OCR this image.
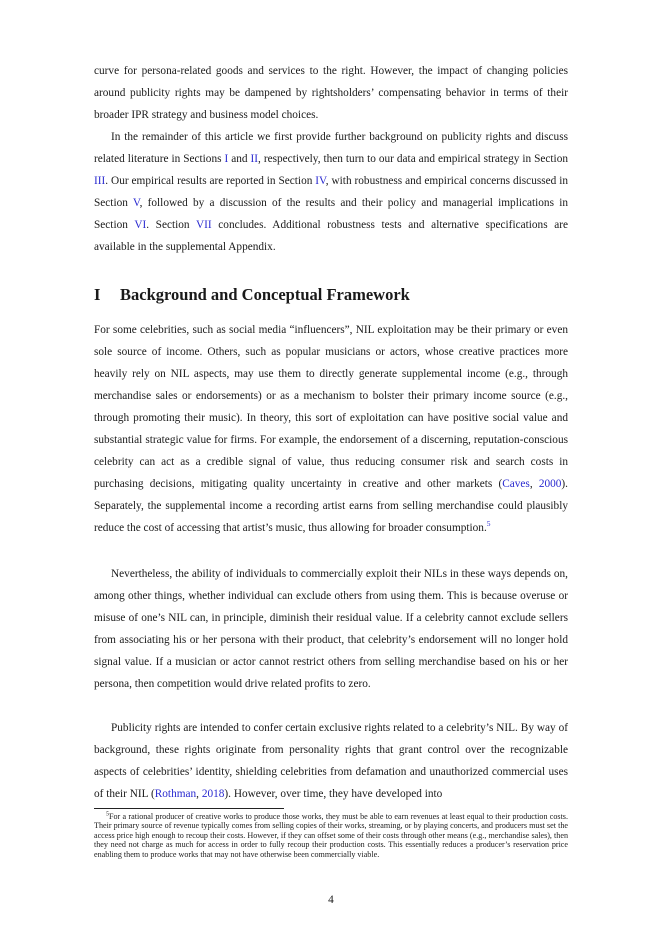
curve for persona-related goods and services to the right. However, the impact of changing policies around publicity rights may be dampened by rightsholders’ compensating behavior in terms of their broader IPR strategy and business model choices.

In the remainder of this article we first provide further background on publicity rights and discuss related literature in Sections I and II, respectively, then turn to our data and empirical strategy in Section III. Our empirical results are reported in Section IV, with robustness and empirical concerns discussed in Section V, followed by a discussion of the results and their policy and managerial implications in Section VI. Section VII concludes. Additional robustness tests and alternative specifications are available in the supplemental Appendix.

I Background and Conceptual Framework

For some celebrities, such as social media “influencers”, NIL exploitation may be their primary or even sole source of income. Others, such as popular musicians or actors, whose creative practices more heavily rely on NIL aspects, may use them to directly generate supplemental income (e.g., through merchandise sales or endorsements) or as a mechanism to bolster their primary income source (e.g., through promoting their music). In theory, this sort of exploitation can have positive social value and substantial strategic value for firms. For example, the endorsement of a discerning, reputation-conscious celebrity can act as a credible signal of value, thus reducing consumer risk and search costs in purchasing decisions, mitigating quality uncertainty in creative and other markets (Caves, 2000). Separately, the supplemental income a recording artist earns from selling merchandise could plausibly reduce the cost of accessing that artist’s music, thus allowing for broader consumption.$^5$

Nevertheless, the ability of individuals to commercially exploit their NILs in these ways depends on, among other things, whether individual can exclude others from using them. This is because overuse or misuse of one’s NIL can, in principle, diminish their residual value. If a celebrity cannot exclude sellers from associating his or her persona with their product, that celebrity’s endorsement will no longer hold signal value. If a musician or actor cannot restrict others from selling merchandise based on his or her persona, then competition would drive related profits to zero.

Publicity rights are intended to confer certain exclusive rights related to a celebrity’s NIL. By way of background, these rights originate from personality rights that grant control over the recognizable aspects of celebrities’ identity, shielding celebrities from defamation and unauthorized commercial uses of their NIL (Rothman, 2018). However, over time, they have developed into

$^5$For a rational producer of creative works to produce those works, they must be able to earn revenues at least equal to their production costs. Their primary source of revenue typically comes from selling copies of their works, streaming, or by playing concerts, and producers must set the access price high enough to recoup their costs. However, if they can offset some of their costs through other means (e.g., merchandise sales), then they need not charge as much for access in order to fully recoup their production costs. This essentially reduces a producer’s reservation price enabling them to produce works that may not have otherwise been commercially viable.

4
